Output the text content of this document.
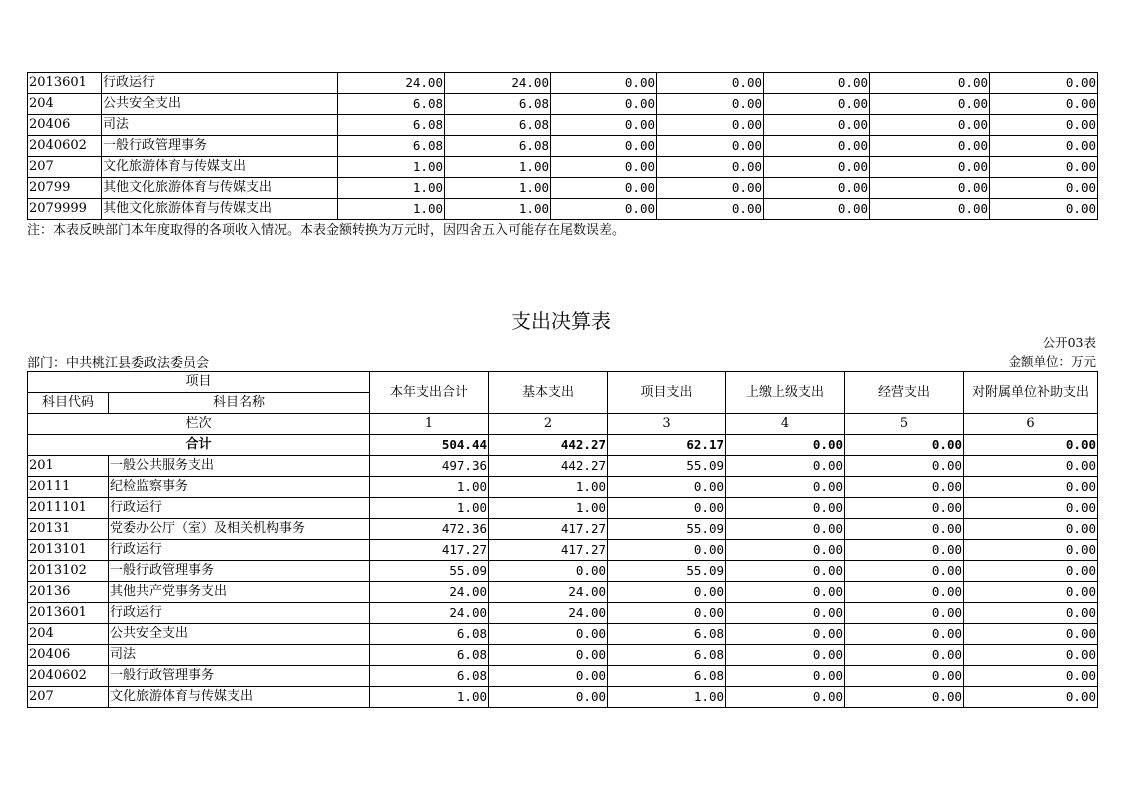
2013601	行政运行	24.00	24.00	0.00	0.00	0.00	0.00	0.00
204	公共安全支出	6.08	6.08	0.00	0.00	0.00	0.00	0.00
20406	司法	6.08	6.08	0.00	0.00	0.00	0.00	0.00
2040602	一般行政管理事务	6.08	6.08	0.00	0.00	0.00	0.00	0.00
207	文化旅游体育与传媒支出	1.00	1.00	0.00	0.00	0.00	0.00	0.00
20799	其他文化旅游体育与传媒支出	1.00	1.00	0.00	0.00	0.00	0.00	0.00
2079999	其他文化旅游体育与传媒支出	1.00	1.00	0.00	0.00	0.00	0.00	0.00
注：本表反映部门本年度取得的各项收入情况。本表金额转换为万元时，因四舍五入可能存在尾数误差。
支出决算表
公开03表
部门：中共桃江县委政法委员会	金额单位：万元
项目		本年支出合计	基本支出	项目支出	上缴上级支出	经营支出	对附属单位补助支出
科目代码	科目名称						
栏次		1	2	3	4	5	6
合计		504.44	442.27	62.17	0.00	0.00	0.00
201	一般公共服务支出	497.36	442.27	55.09	0.00	0.00	0.00
20111	纪检监察事务	1.00	1.00	0.00	0.00	0.00	0.00
2011101	行政运行	1.00	1.00	0.00	0.00	0.00	0.00
20131	党委办公厅（室）及相关机构事务	472.36	417.27	55.09	0.00	0.00	0.00
2013101	行政运行	417.27	417.27	0.00	0.00	0.00	0.00
2013102	一般行政管理事务	55.09	0.00	55.09	0.00	0.00	0.00
20136	其他共产党事务支出	24.00	24.00	0.00	0.00	0.00	0.00
2013601	行政运行	24.00	24.00	0.00	0.00	0.00	0.00
204	公共安全支出	6.08	0.00	6.08	0.00	0.00	0.00
20406	司法	6.08	0.00	6.08	0.00	0.00	0.00
2040602	一般行政管理事务	6.08	0.00	6.08	0.00	0.00	0.00
207	文化旅游体育与传媒支出	1.00	0.00	1.00	0.00	0.00	0.00
